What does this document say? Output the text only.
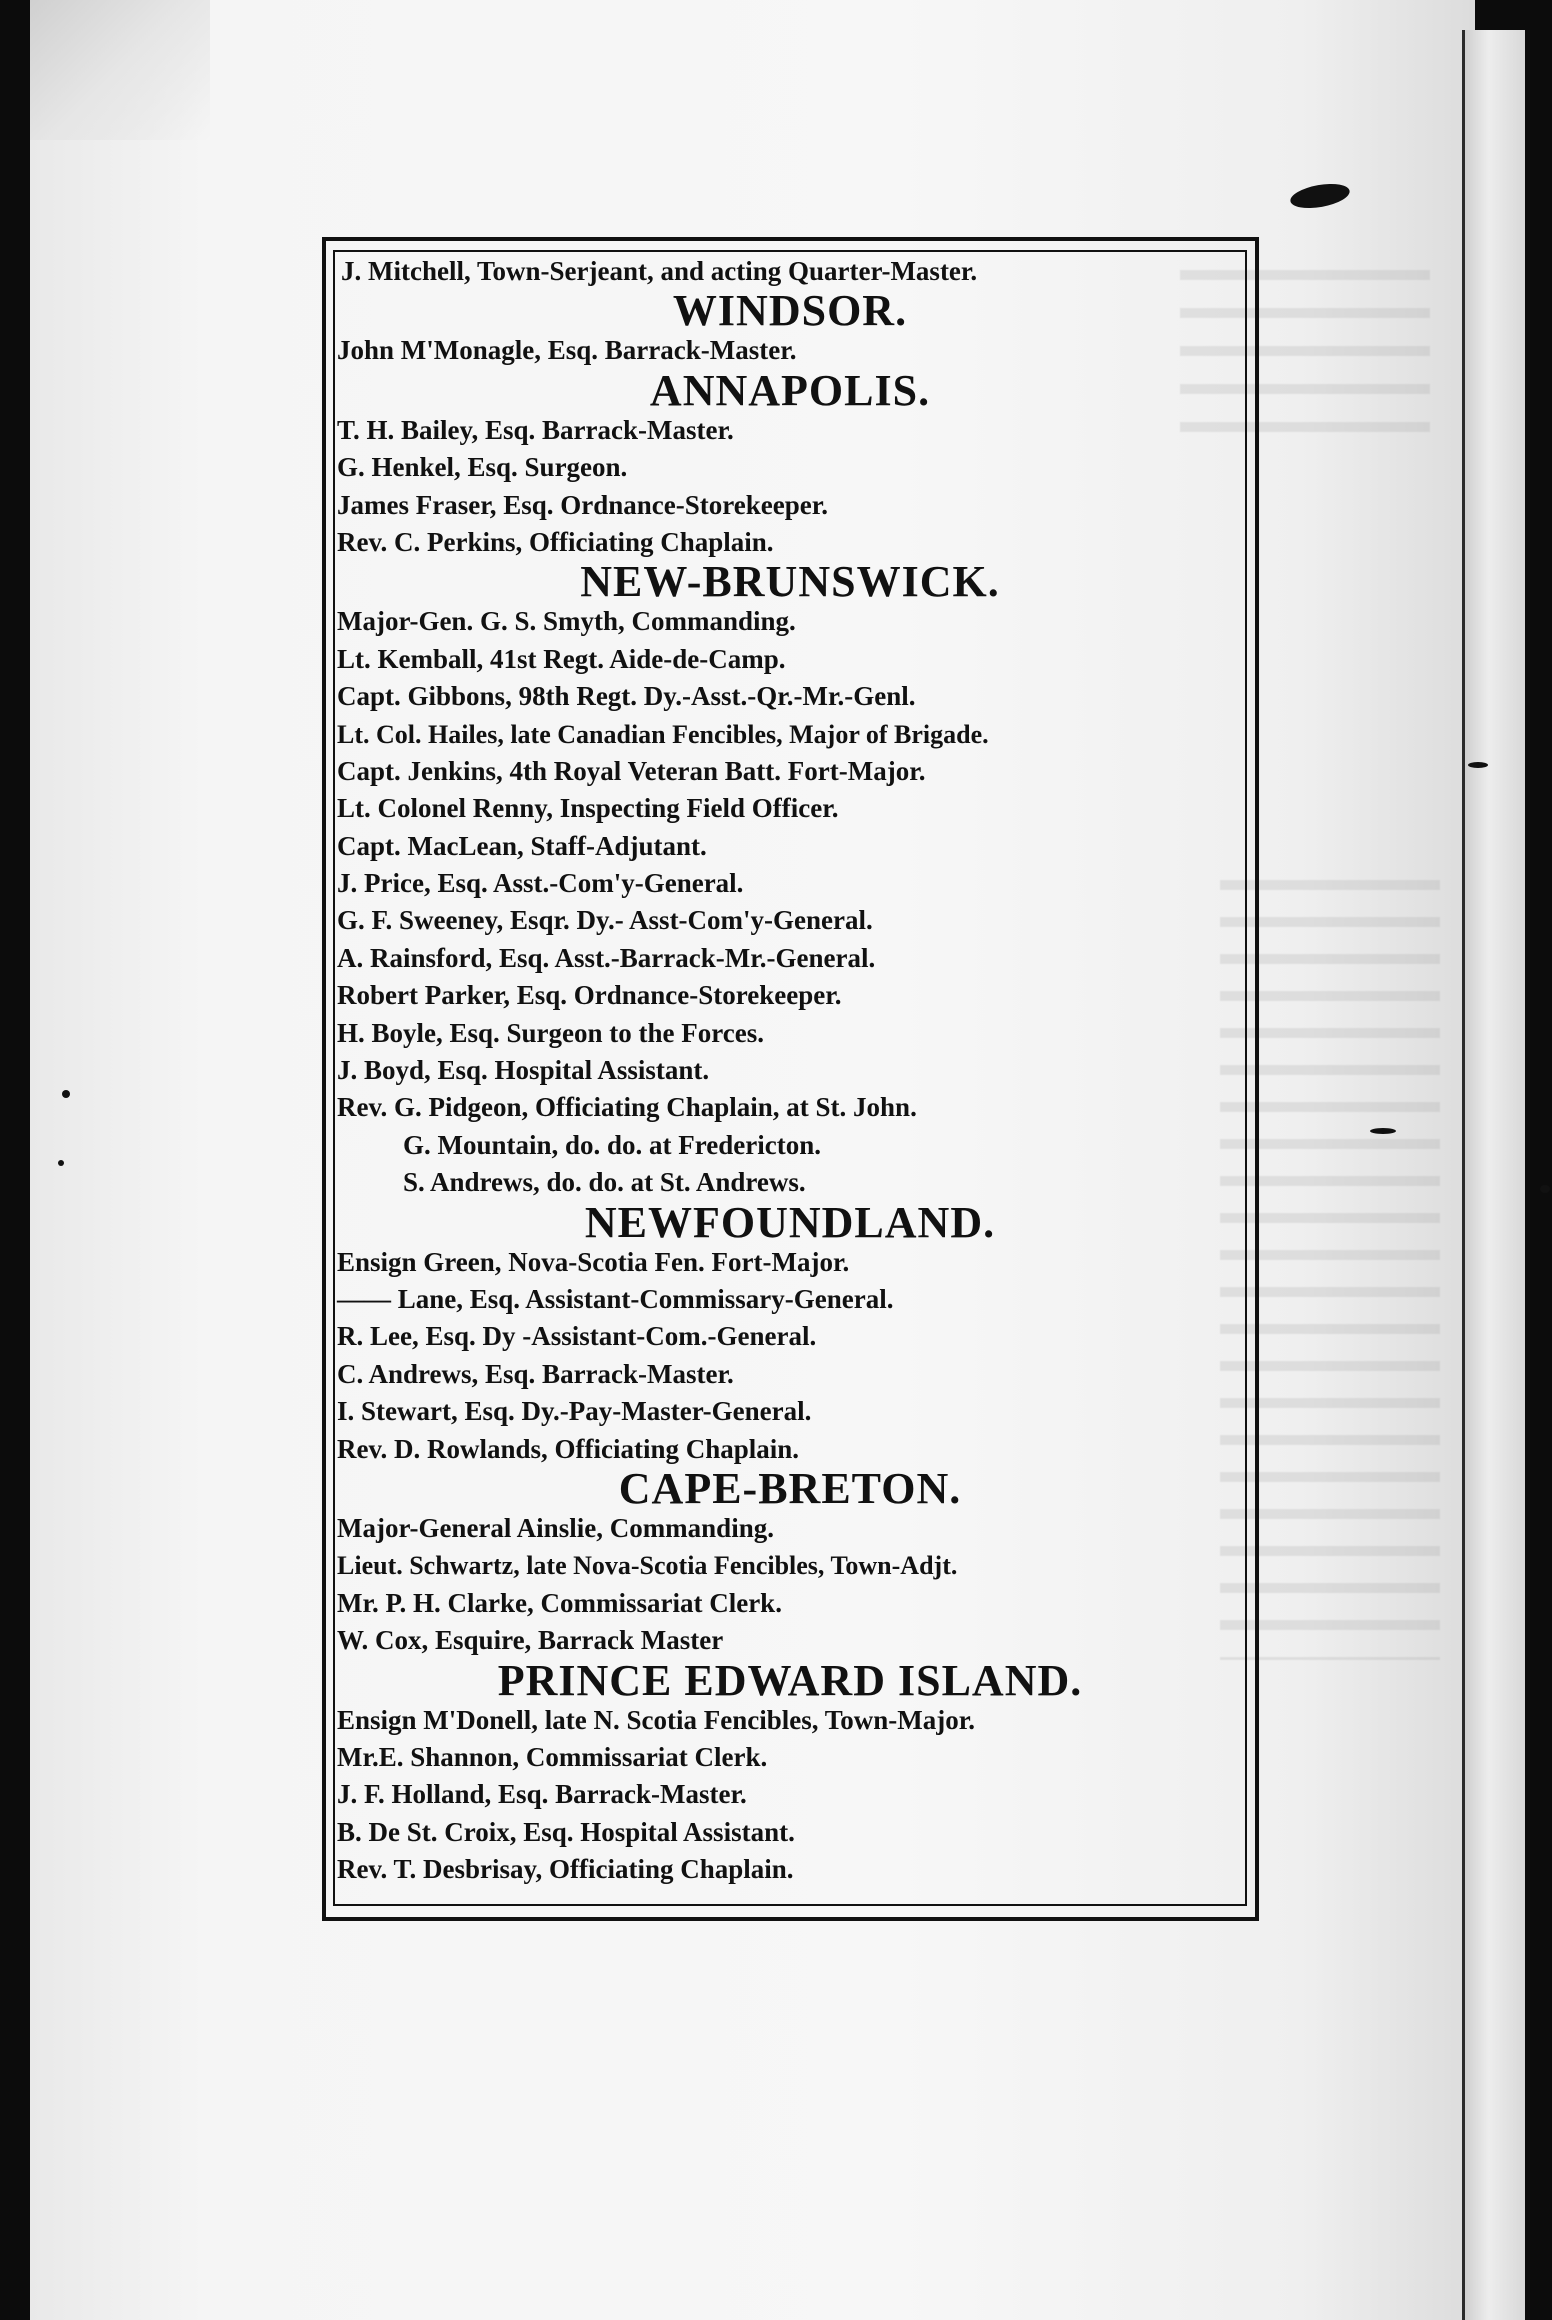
J. Mitchell, Town-Serjeant, and acting Quarter-Master.
WINDSOR.
John M'Monagle, Esq. Barrack-Master.
ANNAPOLIS.
T. H. Bailey, Esq. Barrack-Master.
G. Henkel, Esq. Surgeon.
James Fraser, Esq. Ordnance-Storekeeper.
Rev. C. Perkins, Officiating Chaplain.
NEW-BRUNSWICK.
Major-Gen. G. S. Smyth, Commanding.
Lt. Kemball, 41st Regt. Aide-de-Camp.
Capt. Gibbons, 98th Regt. Dy.-Asst.-Qr.-Mr.-Genl.
Lt. Col. Hailes, late Canadian Fencibles, Major of Brigade.
Capt. Jenkins, 4th Royal Veteran Batt. Fort-Major.
Lt. Colonel Renny, Inspecting Field Officer.
Capt. MacLean, Staff-Adjutant.
J. Price, Esq. Asst.-Com'y-General.
G. F. Sweeney, Esqr. Dy.- Asst-Com'y-General.
A. Rainsford, Esq. Asst.-Barrack-Mr.-General.
Robert Parker, Esq. Ordnance-Storekeeper.
H. Boyle, Esq. Surgeon to the Forces.
J. Boyd, Esq. Hospital Assistant.
Rev. G. Pidgeon, Officiating Chaplain, at St. John.
G. Mountain, do. do. at Fredericton.
S. Andrews, do. do. at St. Andrews.
NEWFOUNDLAND.
Ensign Green, Nova-Scotia Fen. Fort-Major.
—— Lane, Esq. Assistant-Commissary-General.
R. Lee, Esq. Dy -Assistant-Com.-General.
C. Andrews, Esq. Barrack-Master.
I. Stewart, Esq. Dy.-Pay-Master-General.
Rev. D. Rowlands, Officiating Chaplain.
CAPE-BRETON.
Major-General Ainslie, Commanding.
Lieut. Schwartz, late Nova-Scotia Fencibles, Town-Adjt.
Mr. P. H. Clarke, Commissariat Clerk.
W. Cox, Esquire, Barrack Master
PRINCE EDWARD ISLAND.
Ensign M'Donell, late N. Scotia Fencibles, Town-Major.
Mr.E. Shannon, Commissariat Clerk.
J. F. Holland, Esq. Barrack-Master.
B. De St. Croix, Esq. Hospital Assistant.
Rev. T. Desbrisay, Officiating Chaplain.
